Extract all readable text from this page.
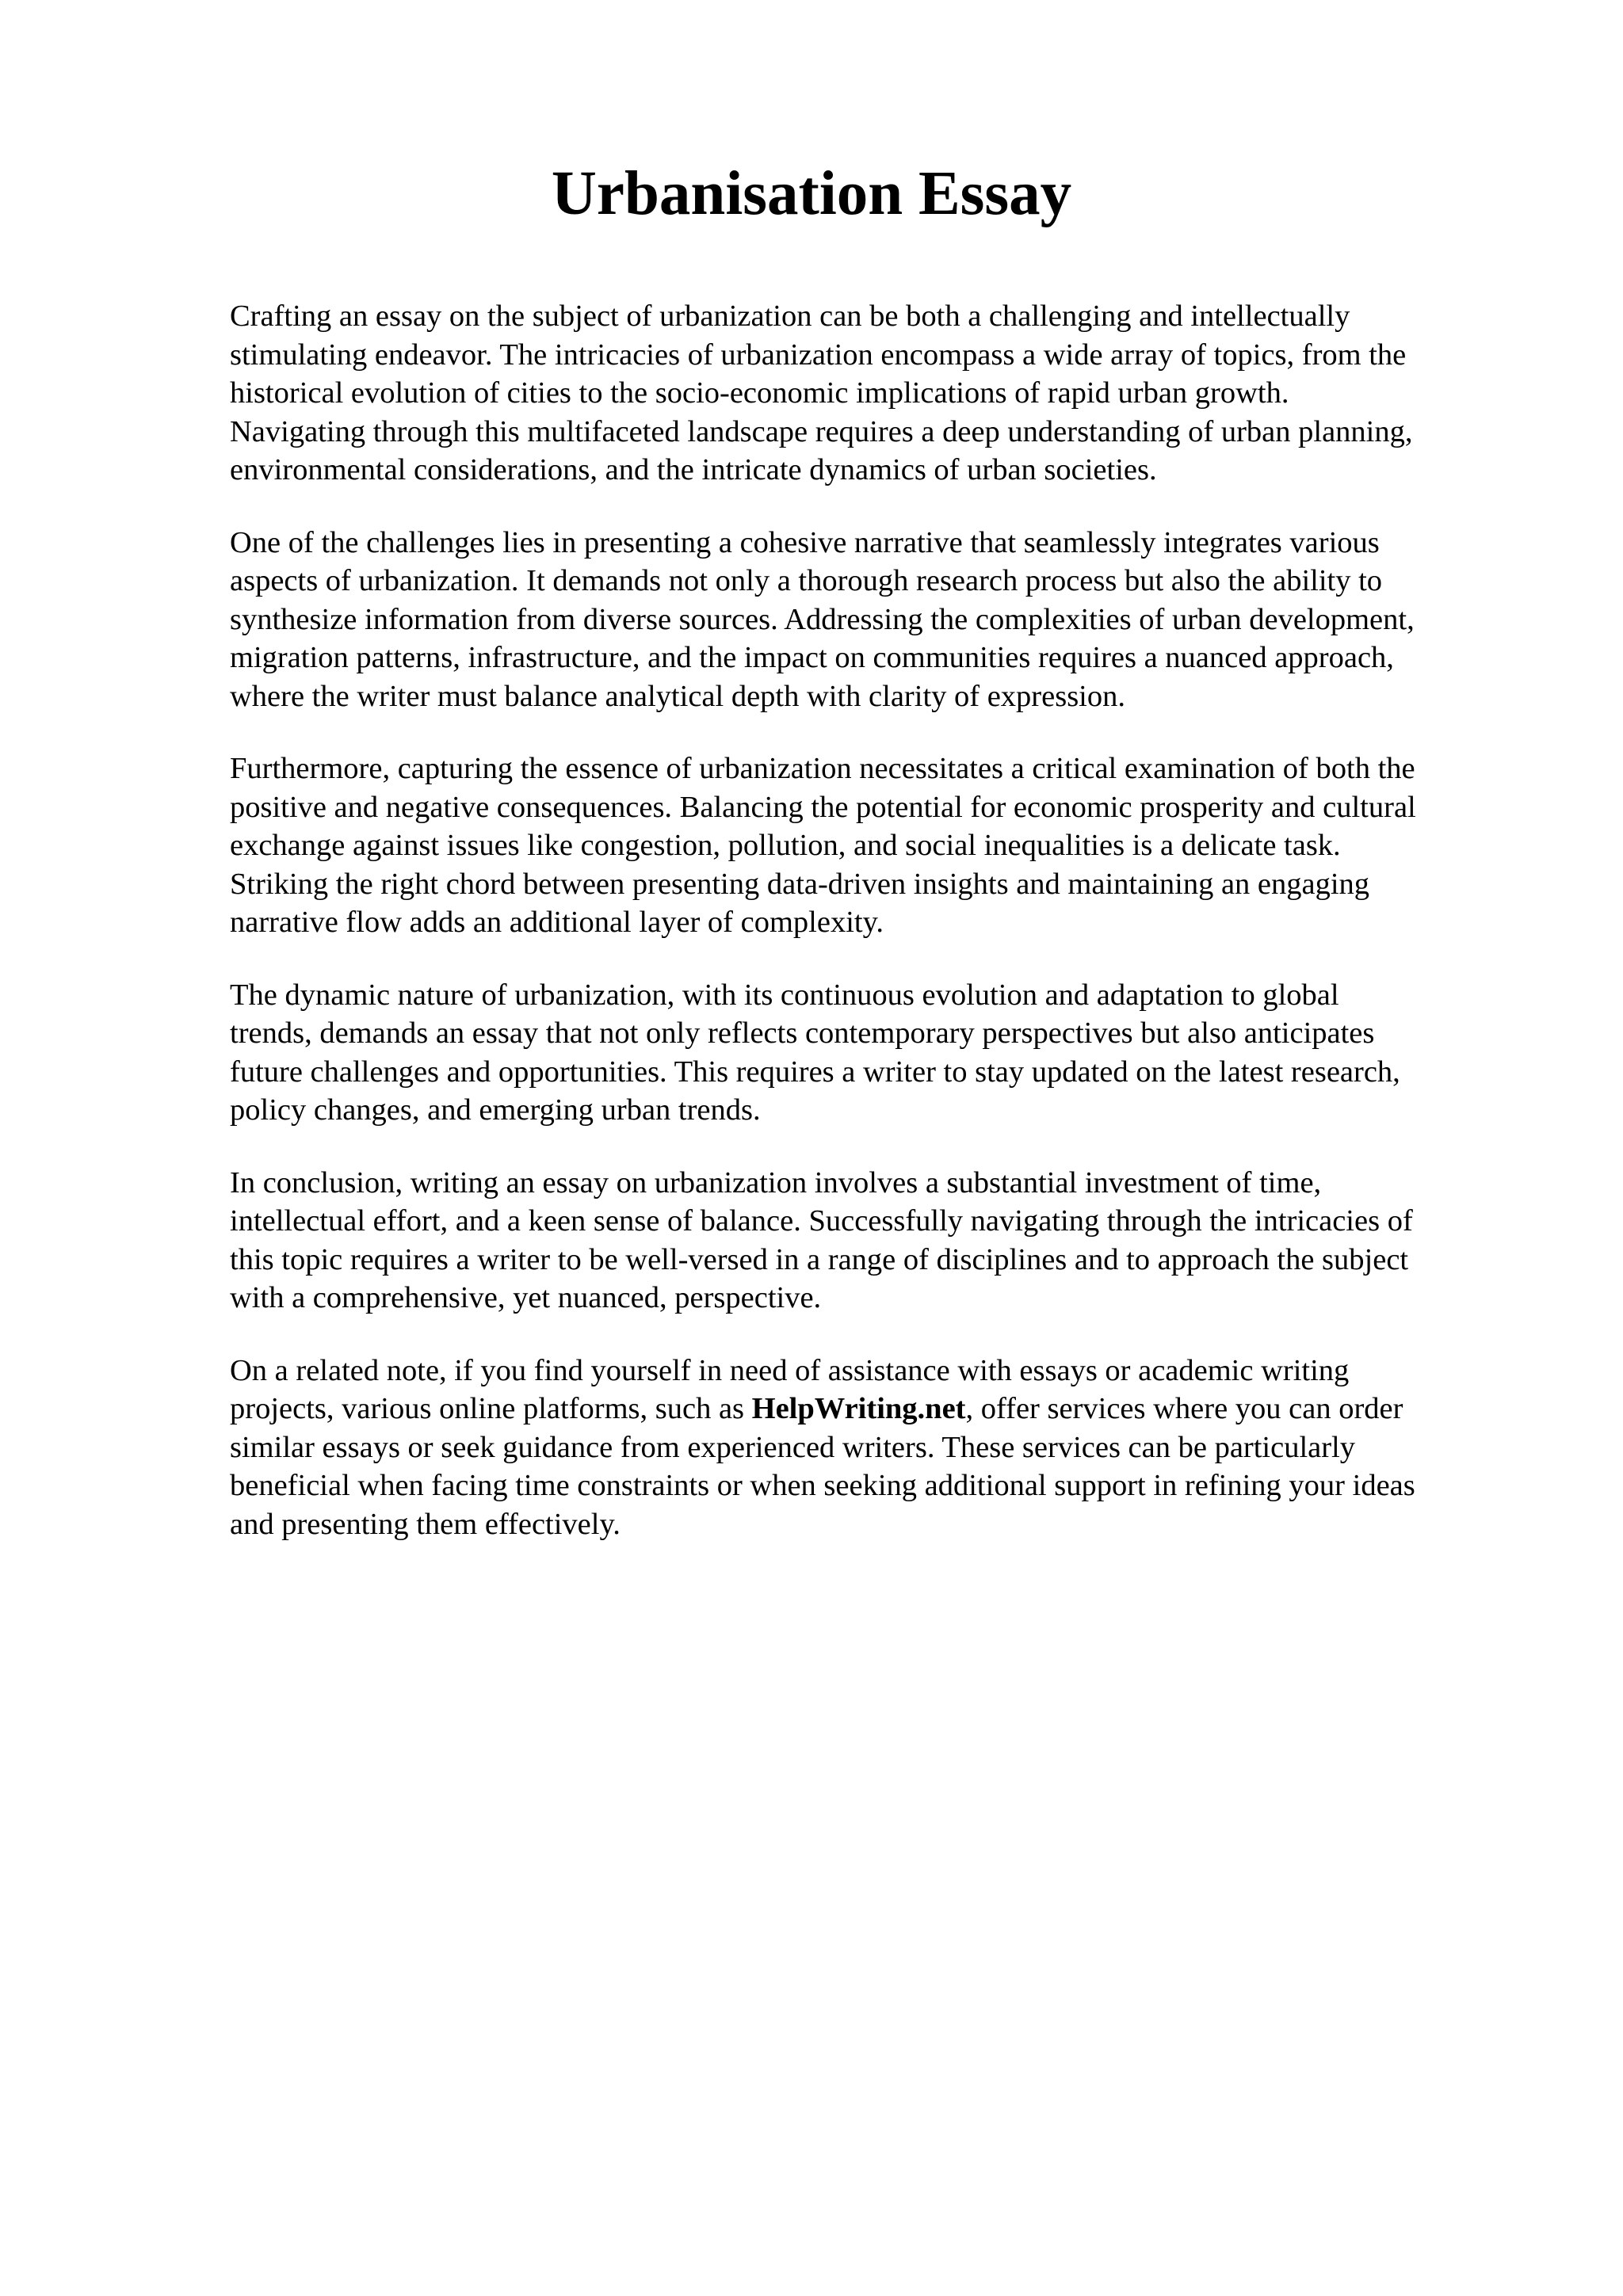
Urbanisation Essay

Crafting an essay on the subject of urbanization can be both a challenging and intellectually
stimulating endeavor. The intricacies of urbanization encompass a wide array of topics, from the
historical evolution of cities to the socio-economic implications of rapid urban growth.
Navigating through this multifaceted landscape requires a deep understanding of urban planning,
environmental considerations, and the intricate dynamics of urban societies.

One of the challenges lies in presenting a cohesive narrative that seamlessly integrates various
aspects of urbanization. It demands not only a thorough research process but also the ability to
synthesize information from diverse sources. Addressing the complexities of urban development,
migration patterns, infrastructure, and the impact on communities requires a nuanced approach,
where the writer must balance analytical depth with clarity of expression.

Furthermore, capturing the essence of urbanization necessitates a critical examination of both the
positive and negative consequences. Balancing the potential for economic prosperity and cultural
exchange against issues like congestion, pollution, and social inequalities is a delicate task.
Striking the right chord between presenting data-driven insights and maintaining an engaging
narrative flow adds an additional layer of complexity.

The dynamic nature of urbanization, with its continuous evolution and adaptation to global
trends, demands an essay that not only reflects contemporary perspectives but also anticipates
future challenges and opportunities. This requires a writer to stay updated on the latest research,
policy changes, and emerging urban trends.

In conclusion, writing an essay on urbanization involves a substantial investment of time,
intellectual effort, and a keen sense of balance. Successfully navigating through the intricacies of
this topic requires a writer to be well-versed in a range of disciplines and to approach the subject
with a comprehensive, yet nuanced, perspective.

On a related note, if you find yourself in need of assistance with essays or academic writing
projects, various online platforms, such as HelpWriting.net, offer services where you can order
similar essays or seek guidance from experienced writers. These services can be particularly
beneficial when facing time constraints or when seeking additional support in refining your ideas
and presenting them effectively.
